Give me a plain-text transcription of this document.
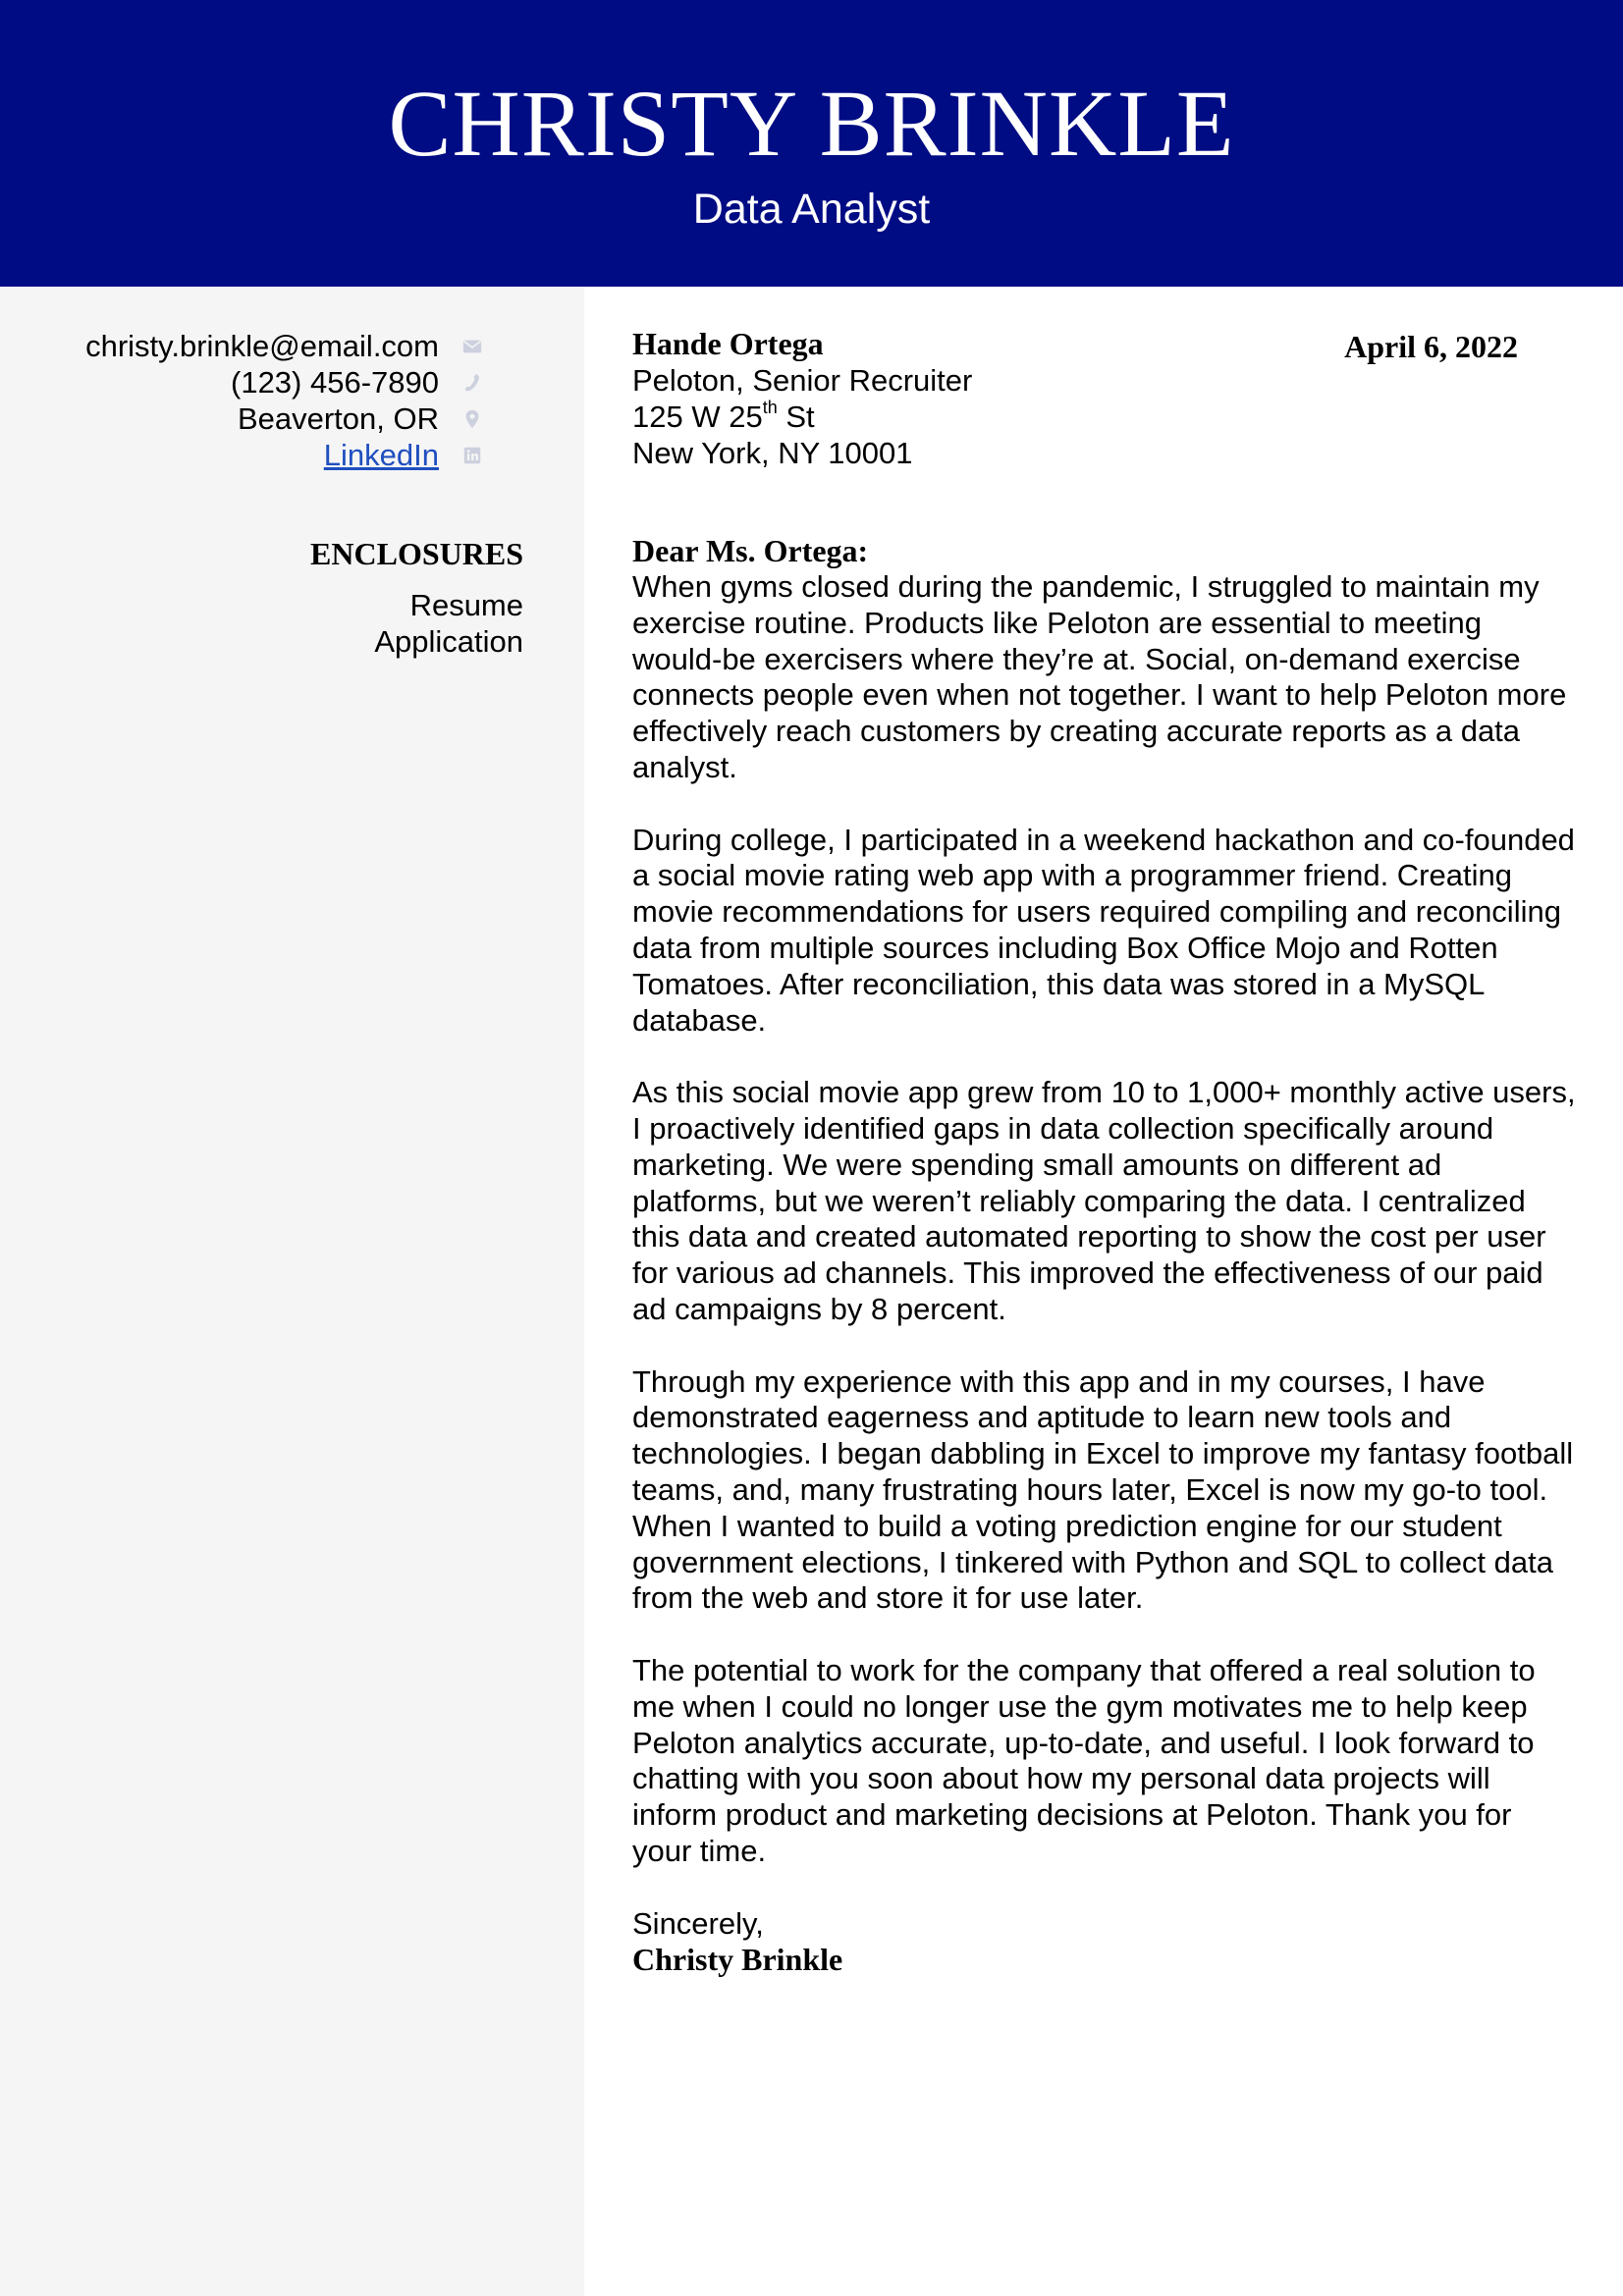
CHRISTY BRINKLE
Data Analyst
christy.brinkle@email.com
(123) 456-7890
Beaverton, OR
LinkedIn
ENCLOSURES
Resume
Application
Hande Ortega
Peloton, Senior Recruiter
125 W 25th St
New York, NY 10001
April 6, 2022
Dear Ms. Ortega:

When gyms closed during the pandemic, I struggled to maintain my exercise routine. Products like Peloton are essential to meeting would-be exercisers where they’re at. Social, on-demand exercise connects people even when not together. I want to help Peloton more effectively reach customers by creating accurate reports as a data analyst.

During college, I participated in a weekend hackathon and co-founded a social movie rating web app with a programmer friend. Creating movie recommendations for users required compiling and reconciling data from multiple sources including Box Office Mojo and Rotten Tomatoes. After reconciliation, this data was stored in a MySQL database.

As this social movie app grew from 10 to 1,000+ monthly active users, I proactively identified gaps in data collection specifically around marketing. We were spending small amounts on different ad platforms, but we weren’t reliably comparing the data. I centralized this data and created automated reporting to show the cost per user for various ad channels. This improved the effectiveness of our paid ad campaigns by 8 percent.

Through my experience with this app and in my courses, I have demonstrated eagerness and aptitude to learn new tools and technologies. I began dabbling in Excel to improve my fantasy football teams, and, many frustrating hours later, Excel is now my go-to tool. When I wanted to build a voting prediction engine for our student government elections, I tinkered with Python and SQL to collect data from the web and store it for use later.

The potential to work for the company that offered a real solution to me when I could no longer use the gym motivates me to help keep Peloton analytics accurate, up-to-date, and useful. I look forward to chatting with you soon about how my personal data projects will inform product and marketing decisions at Peloton. Thank you for your time.

Sincerely,
Christy Brinkle
